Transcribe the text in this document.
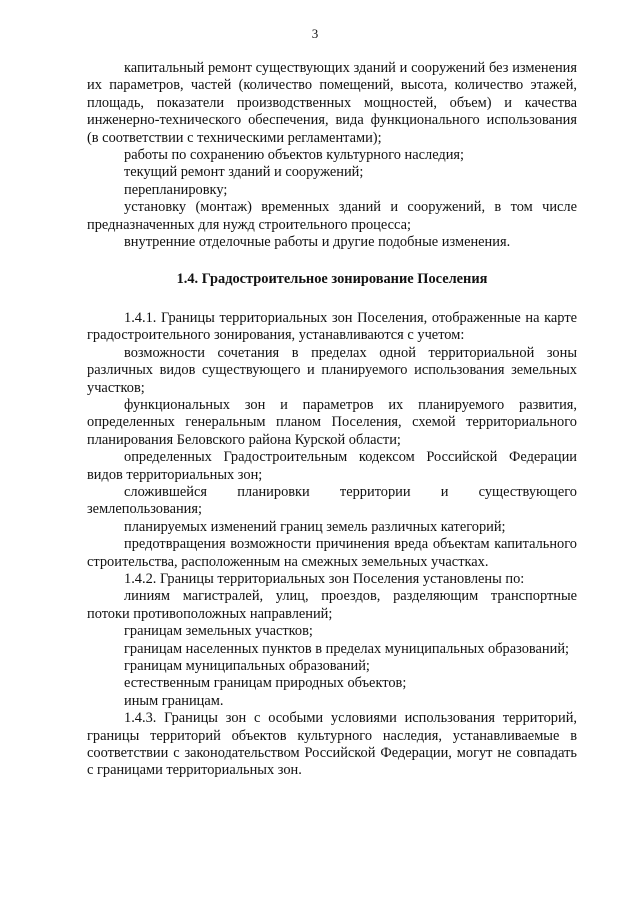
3

капитальный ремонт существующих зданий и сооружений без изменения их параметров, частей (количество помещений, высота, количество этажей, площадь, показатели производственных мощностей, объем) и качества инженерно-технического обеспечения, вида функционального использования (в соответствии с техническими регламентами);

работы по сохранению объектов культурного наследия;

текущий ремонт зданий и сооружений;

перепланировку;

установку (монтаж) временных зданий и сооружений, в том числе предназначенных для нужд строительного процесса;

внутренние отделочные работы и другие подобные изменения.

1.4. Градостроительное зонирование Поселения

1.4.1. Границы территориальных зон Поселения, отображенные на карте градостроительного зонирования, устанавливаются с учетом:

возможности сочетания в пределах одной территориальной зоны различных видов существующего и планируемого использования земельных участков;

функциональных зон и параметров их планируемого развития, определенных генеральным планом Поселения, схемой территориального планирования Беловского района Курской области;

определенных Градостроительным кодексом Российской Федерации видов территориальных зон;

сложившейся планировки территории и существующего землепользования;

планируемых изменений границ земель различных категорий;

предотвращения возможности причинения вреда объектам капитального строительства, расположенным на смежных земельных участках.

1.4.2. Границы территориальных зон Поселения установлены по:

линиям магистралей, улиц, проездов, разделяющим транспортные потоки противоположных направлений;

границам земельных участков;

границам населенных пунктов в пределах муниципальных образований;

границам муниципальных образований;

естественным границам природных объектов;

иным границам.

1.4.3. Границы зон с особыми условиями использования территорий, границы территорий объектов культурного наследия, устанавливаемые в соответствии с законодательством Российской Федерации, могут не совпадать с границами территориальных зон.
